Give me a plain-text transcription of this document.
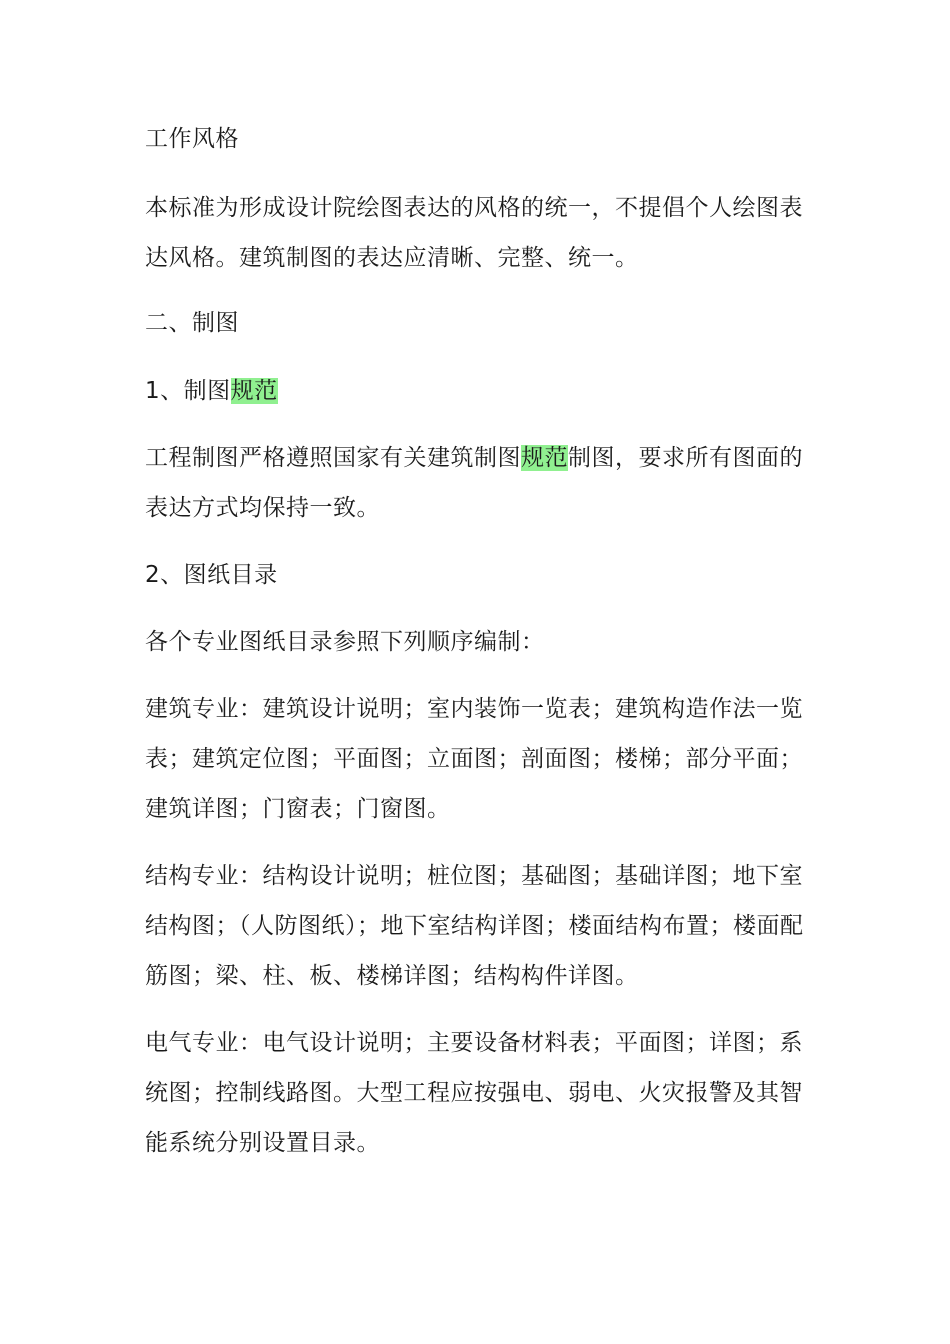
工作风格

本标准为形成设计院绘图表达的风格的统一，不提倡个人绘图表达风格。建筑制图的表达应清晰、完整、统一。

二、制图

1、制图规范

工程制图严格遵照国家有关建筑制图规范制图，要求所有图面的表达方式均保持一致。

2、图纸目录

各个专业图纸目录参照下列顺序编制：

建筑专业：建筑设计说明；室内装饰一览表；建筑构造作法一览表；建筑定位图；平面图；立面图；剖面图；楼梯；部分平面；建筑详图；门窗表；门窗图。

结构专业：结构设计说明；桩位图；基础图；基础详图；地下室结构图；（人防图纸）；地下室结构详图；楼面结构布置；楼面配筋图；梁、柱、板、楼梯详图；结构构件详图。

电气专业：电气设计说明；主要设备材料表；平面图；详图；系统图；控制线路图。大型工程应按强电、弱电、火灾报警及其智能系统分别设置目录。
